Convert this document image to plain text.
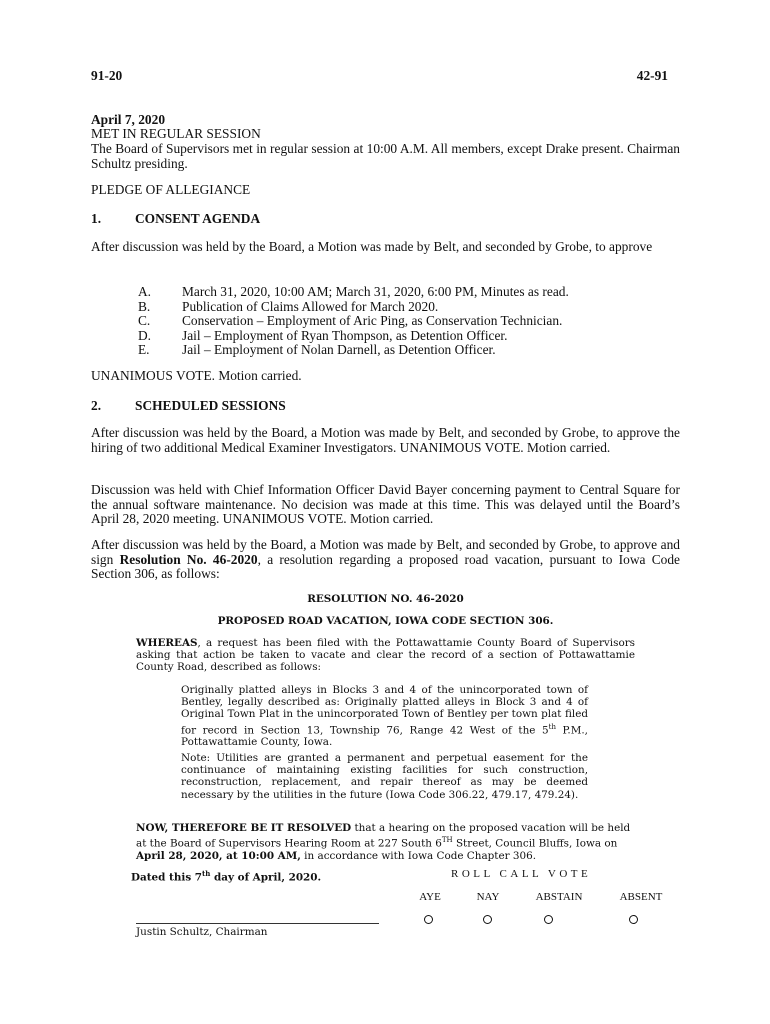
91-20	42-91
April 7, 2020
MET IN REGULAR SESSION
The Board of Supervisors met in regular session at 10:00 A.M. All members, except Drake present. Chairman Schultz presiding.
PLEDGE OF ALLEGIANCE
1.	CONSENT AGENDA
After discussion was held by the Board, a Motion was made by Belt, and seconded by Grobe, to approve
A.	March 31, 2020, 10:00 AM; March 31, 2020, 6:00 PM, Minutes as read.
B.	Publication of Claims Allowed for March 2020.
C.	Conservation – Employment of Aric Ping, as Conservation Technician.
D.	Jail – Employment of Ryan Thompson, as Detention Officer.
E.	Jail – Employment of Nolan Darnell, as Detention Officer.
UNANIMOUS VOTE. Motion carried.
2.	SCHEDULED SESSIONS
After discussion was held by the Board, a Motion was made by Belt, and seconded by Grobe, to approve the hiring of two additional Medical Examiner Investigators. UNANIMOUS VOTE. Motion carried.
Discussion was held with Chief Information Officer David Bayer concerning payment to Central Square for the annual software maintenance. No decision was made at this time. This was delayed until the Board’s April 28, 2020 meeting. UNANIMOUS VOTE. Motion carried.
After discussion was held by the Board, a Motion was made by Belt, and seconded by Grobe, to approve and sign Resolution No. 46-2020, a resolution regarding a proposed road vacation, pursuant to Iowa Code Section 306, as follows:
RESOLUTION NO. 46-2020
PROPOSED ROAD VACATION, IOWA CODE SECTION 306.
WHEREAS, a request has been filed with the Pottawattamie County Board of Supervisors asking that action be taken to vacate and clear the record of a section of Pottawattamie County Road, described as follows:
Originally platted alleys in Blocks 3 and 4 of the unincorporated town of Bentley, legally described as: Originally platted alleys in Block 3 and 4 of Original Town Plat in the unincorporated Town of Bentley per town plat filed for record in Section 13, Township 76, Range 42 West of the 5th P.M., Pottawattamie County, Iowa.
Note: Utilities are granted a permanent and perpetual easement for the continuance of maintaining existing facilities for such construction, reconstruction, replacement, and repair thereof as may be deemed necessary by the utilities in the future (Iowa Code 306.22, 479.17, 479.24).
NOW, THEREFORE BE IT RESOLVED that a hearing on the proposed vacation will be held at the Board of Supervisors Hearing Room at 227 South 6TH Street, Council Bluffs, Iowa on April 28, 2020, at 10:00 AM, in accordance with Iowa Code Chapter 306.
Dated this 7th day of April, 2020.	ROLL CALL VOTE
AYE	NAY	ABSTAIN	ABSENT
Justin Schultz, Chairman
